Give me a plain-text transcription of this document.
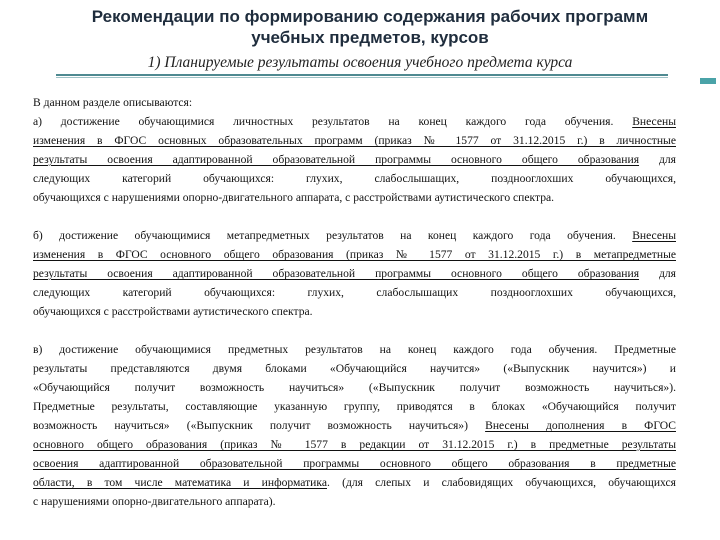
Рекомендации по формированию содержания рабочих программ
учебных предметов, курсов
1) Планируемые результаты освоения учебного предмета курса
В данном разделе описываются:
а) достижение обучающимися личностных результатов на конец каждого года обучения. Внесены
изменения в ФГОС основных образовательных программ (приказ № 1577 от 31.12.2015 г.) в личностные
результаты освоения адаптированной образовательной программы основного общего образования для
следующих категорий обучающихся: глухих, слабослышащих, позднооглохших обучающихся,
обучающихся с нарушениями опорно-двигательного аппарата, с расстройствами аутистического спектра.
б) достижение обучающимися метапредметных результатов на конец каждого года обучения. Внесены
изменения в ФГОС основного общего образования (приказ № 1577 от 31.12.2015 г.) в метапредметные
результаты освоения адаптированной образовательной программы основного общего образования для
следующих категорий обучающихся: глухих, слабослышащих позднооглохших обучающихся,
обучающихся с расстройствами аутистического спектра.
в) достижение обучающимися предметных результатов на конец каждого года обучения. Предметные
результаты представляются двумя блоками «Обучающийся научится» («Выпускник научится») и
«Обучающийся получит возможность научиться» («Выпускник получит возможность научиться»).
Предметные результаты, составляющие указанную группу, приводятся в блоках «Обучающийся получит
возможность научиться» («Выпускник получит возможность научиться») Внесены дополнения в ФГОС
основного общего образования (приказ № 1577 в редакции от 31.12.2015 г.) в предметные результаты
освоения адаптированной образовательной программы основного общего образования в предметные
области, в том числе математика и информатика. (для слепых и слабовидящих обучающихся, обучающихся
с нарушениями опорно-двигательного аппарата).
